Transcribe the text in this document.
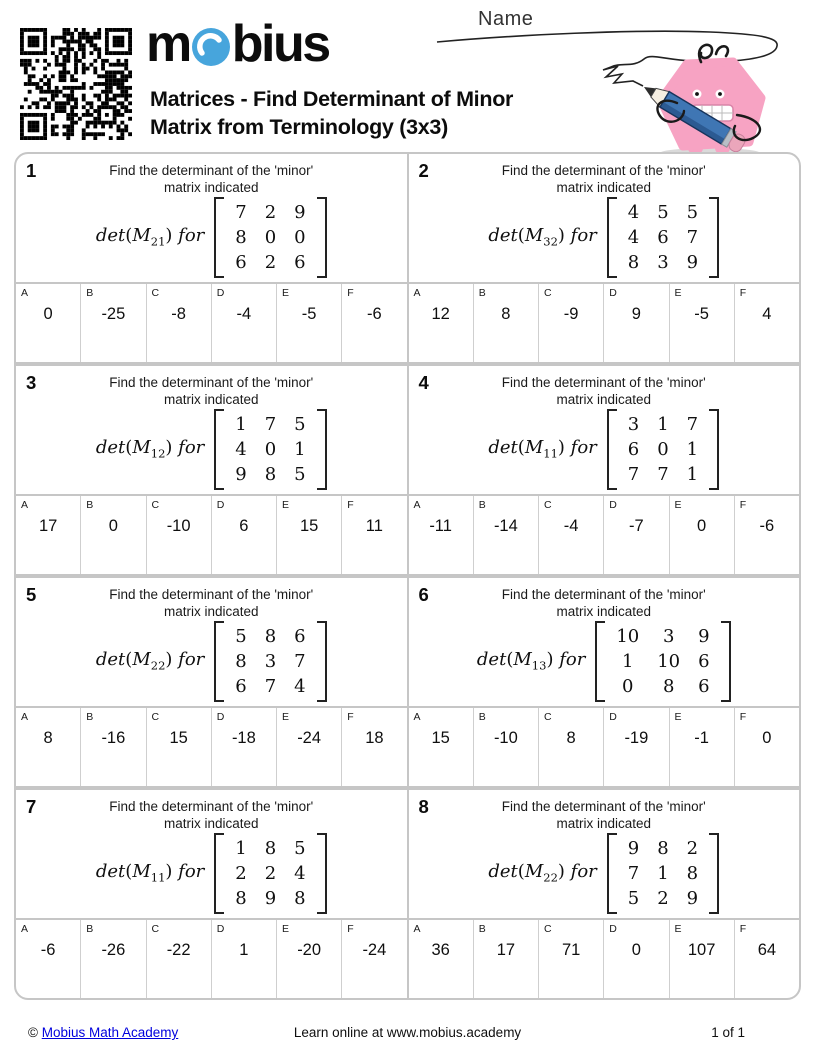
m bius
Matrices - Find Determinant of Minor
Matrix from Terminology (3x3)
Name
1	Find the determinant of the 'minor'
matrix indicated
$\det(M_{21})$ for
7 2 9
8 0 0
6 2 6
A
0
B
-25
C
-8
D
-4
E
-5
F
-6
2	Find the determinant of the 'minor'
matrix indicated
$\det(M_{32})$ for
4 5 5
4 6 7
8 3 9
A
12
B
8
C
-9
D
9
E
-5
F
4
3	Find the determinant of the 'minor'
matrix indicated
$\det(M_{12})$ for
1 7 5
4 0 1
9 8 5
A
17
B
0
C
-10
D
6
E
15
F
11
4	Find the determinant of the 'minor'
matrix indicated
$\det(M_{11})$ for
3 1 7
6 0 1
7 7 1
A
-11
B
-14
C
-4
D
-7
E
0
F
-6
5	Find the determinant of the 'minor'
matrix indicated
$\det(M_{22})$ for
5 8 6
8 3 7
6 7 4
A
8
B
-16
C
15
D
-18
E
-24
F
18
6	Find the determinant of the 'minor'
matrix indicated
$\det(M_{13})$ for
10	3	9
1	10 6
0	8	6
A
15
B
-10
C
8
D
-19
E
-1
F
0
7	Find the determinant of the 'minor'
matrix indicated
$\det(M_{11})$ for
1 8 5
2 2 4
8 9 8
A
-6
B
-26
C
-22
D
1
E
-20
F
-24
8	Find the determinant of the 'minor'
matrix indicated
$\det(M_{22})$ for
9 8 2
7 1 8
5 2 9
A
36
B
17
C
71
D
0
E
107
F
64
Learn online at www.mobius.academy
© Mobius Math Academy	1 of 1
